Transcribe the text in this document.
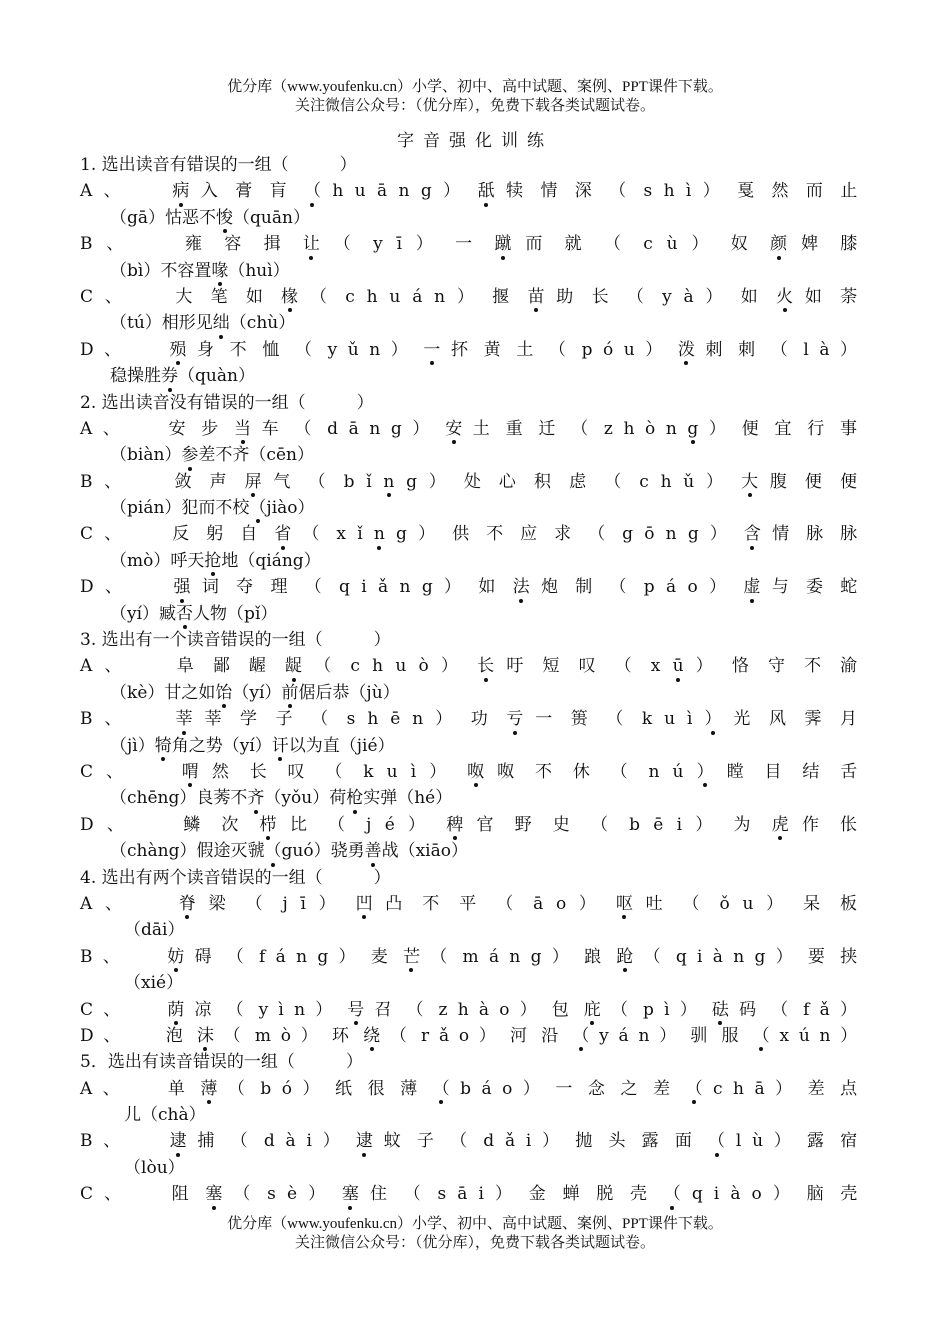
优分库（www.youfenku.cn）小学、初中、高中试题、案例、PPT课件下载。
关注微信公众号：（优分库），免费下载各类试题试卷。
字音强化训练
1. 选出读音有错误的一组（　　　	）
A 、 　	病 入 膏 肓 （ h u ā n g ） 舐 犊 情 深 （ s h ì ） 戛 然 而 止
（gā）怙恶不悛（quān）
B 、 　	雍 容 揖 让 （ y ī ） 一 蹴 而 就 （ c ù ） 奴 颜 婢 膝
（bì）不容置喙（huì）
C 、 　	大 笔 如 椽 （ c h u á n ） 揠 苗 助 长 （ y à ） 如 火 如 荼
（tú）相形见绌（chù）
D 、 　	殒 身 不 恤 （ y ǔ n ） 一 抔 黄 土 （ p ó u ） 泼 刺 刺 （ l à ）
稳操胜券（quàn）
2. 选出读音没有错误的一组（　　　	）
A 、 　	安 步 当 车 （ d ā n g ） 安 土 重 迁 （ z h ò n g ） 便 宜 行 事
（biàn）参差不齐（cēn）
B 、 　	敛 声 屏 气 （ b ǐ n g ） 处 心 积 虑 （ c h ǔ ） 大 腹 便 便
（pián）犯而不校（jiào）
C 、 　	反 躬 自 省 （ x ǐ n g ） 供 不 应 求 （ g ō n g ） 含 情 脉 脉
（mò）呼天抢地（qiáng）
D 、 　	强 词 夺 理 （ q i ǎ n g ） 如 法 炮 制 （ p á o ） 虚 与 委 蛇
（yí）臧否人物（pǐ）
3. 选出有一个读音错误的一组（　　　	）
A 、 　	阜 鄙 龌 龊 （ c h u ò ） 长 吁 短 叹 （ x ū ） 恪 守 不 渝
（kè）甘之如饴（yí）前倨后恭（jù）
B 、 　	莘 莘 学 子 （ s h ē n ） 功 亏 一 篑 （ k u ì ） 光 风 霁 月
（jì）犄角之势（yí）讦以为直（jié）
C 、 　	喟 然 长 叹 （ k u ì ） 呶 呶 不 休 （ n ú ） 瞠 目 结 舌
（chēng）良莠不齐（yǒu）荷枪实弹（hé）
D 、 　	鳞 次 栉 比 （ j é ） 稗 官 野 史 （ b ē i ） 为 虎 作 伥
（chàng）假途灭虢（guó）骁勇善战（xiāo）
4. 选出有两个读音错误的一组（　　　	）
A 、 　	脊 梁 （ j ī ） 凹 凸 不 平 （ ā o ） 呕 吐 （ ǒ u ） 呆 板
（dāi）
B 、 　	妨 碍 （ f á n g ） 麦 芒 （ m á n g ） 踉 跄 （ q i à n g ） 要 挟
（xié）
C 、 　 荫 凉 （ y ì n ） 号 召 （ z h à o ） 包 庇 （ p ì ） 砝 码 （ f ǎ ）
D 、 　 泡 沫 （ m ò ） 环 绕 （ r ǎ o ） 河 沿 （ y á n ） 驯 服 （ x ú n ）
5．选出有读音错误的一组（　　　	）
A 、 　	单 薄 （ b ó ） 纸 很 薄 （ b á o ） 一 念 之 差 （ c h ā ） 差 点
儿（chà）
B 、 　	逮 捕 （ d à i ） 逮 蚊 子 （ d ǎ i ） 抛 头 露 面 （ l ù ） 露 宿
（lòu）
C 、 　	阻 塞 （ s è ） 塞 住 （ s ā i ） 金 蝉 脱 壳 （ q i à o ） 脑 壳
优分库（www.youfenku.cn）小学、初中、高中试题、案例、PPT课件下载。
关注微信公众号：（优分库），免费下载各类试题试卷。
